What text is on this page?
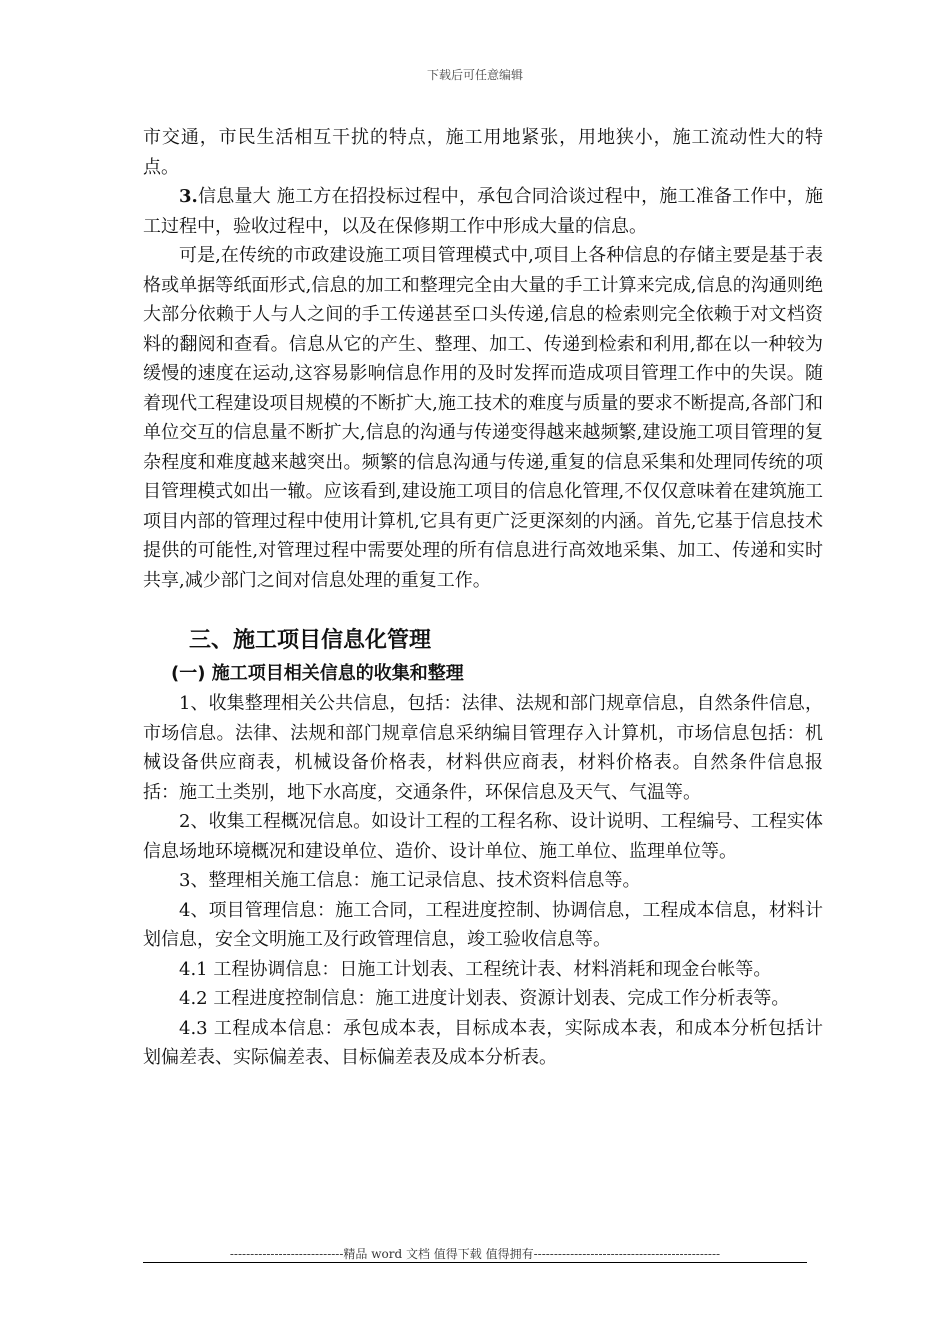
下载后可任意编辑

市交通，市民生活相互干扰的特点，施工用地紧张，用地狭小，施工流动性大的特点。

3.信息量大 施工方在招投标过程中，承包合同洽谈过程中，施工准备工作中，施工过程中，验收过程中，以及在保修期工作中形成大量的信息。

可是,在传统的市政建设施工项目管理模式中,项目上各种信息的存储主要是基于表格或单据等纸面形式,信息的加工和整理完全由大量的手工计算来完成,信息的沟通则绝大部分依赖于人与人之间的手工传递甚至口头传递,信息的检索则完全依赖于对文档资料的翻阅和查看。信息从它的产生、整理、加工、传递到检索和利用,都在以一种较为缓慢的速度在运动,这容易影响信息作用的及时发挥而造成项目管理工作中的失误。随着现代工程建设项目规模的不断扩大,施工技术的难度与质量的要求不断提高,各部门和单位交互的信息量不断扩大,信息的沟通与传递变得越来越频繁,建设施工项目管理的复杂程度和难度越来越突出。频繁的信息沟通与传递,重复的信息采集和处理同传统的项目管理模式如出一辙。应该看到,建设施工项目的信息化管理,不仅仅意味着在建筑施工项目内部的管理过程中使用计算机,它具有更广泛更深刻的内涵。首先,它基于信息技术提供的可能性,对管理过程中需要处理的所有信息进行高效地采集、加工、传递和实时共享,减少部门之间对信息处理的重复工作。

三、施工项目信息化管理
(一) 施工项目相关信息的收集和整理

1、收集整理相关公共信息，包括：法律、法规和部门规章信息，自然条件信息，市场信息。法律、法规和部门规章信息采纳编目管理存入计算机，市场信息包括：机械设备供应商表，机械设备价格表，材料供应商表，材料价格表。自然条件信息报括：施工土类别，地下水高度，交通条件，环保信息及天气、气温等。

2、收集工程概况信息。如设计工程的工程名称、设计说明、工程编号、工程实体信息场地环境概况和建设单位、造价、设计单位、施工单位、监理单位等。

3、整理相关施工信息：施工记录信息、技术资料信息等。

4、项目管理信息：施工合同，工程进度控制、协调信息，工程成本信息，材料计划信息，安全文明施工及行政管理信息，竣工验收信息等。

4.1 工程协调信息：日施工计划表、工程统计表、材料消耗和现金台帐等。

4.2 工程进度控制信息：施工进度计划表、资源计划表、完成工作分析表等。

4.3 工程成本信息：承包成本表，目标成本表，实际成本表，和成本分析包括计划偏差表、实际偏差表、目标偏差表及成本分析表。

----------------------------精品 word 文档 值得下载 值得拥有----------------------------------------------
